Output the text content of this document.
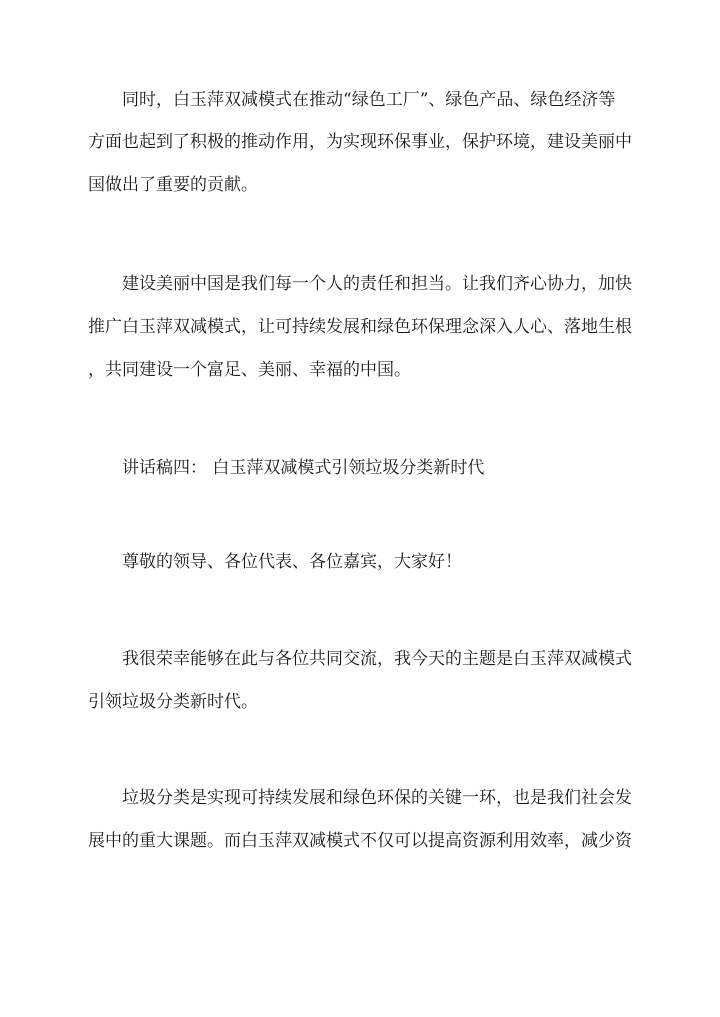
同时，白玉萍双减模式在推动“绿色工厂”、绿色产品、绿色经济等
方面也起到了积极的推动作用，为实现环保事业，保护环境，建设美丽中
国做出了重要的贡献。
建设美丽中国是我们每一个人的责任和担当。让我们齐心协力，加快
推广白玉萍双减模式，让可持续发展和绿色环保理念深入人心、落地生根
，共同建设一个富足、美丽、幸福的中国。
讲话稿四： 白玉萍双减模式引领垃圾分类新时代
尊敬的领导、各位代表、各位嘉宾，大家好！
我很荣幸能够在此与各位共同交流，我今天的主题是白玉萍双减模式
引领垃圾分类新时代。
垃圾分类是实现可持续发展和绿色环保的关键一环，也是我们社会发
展中的重大课题。而白玉萍双减模式不仅可以提高资源利用效率，减少资
